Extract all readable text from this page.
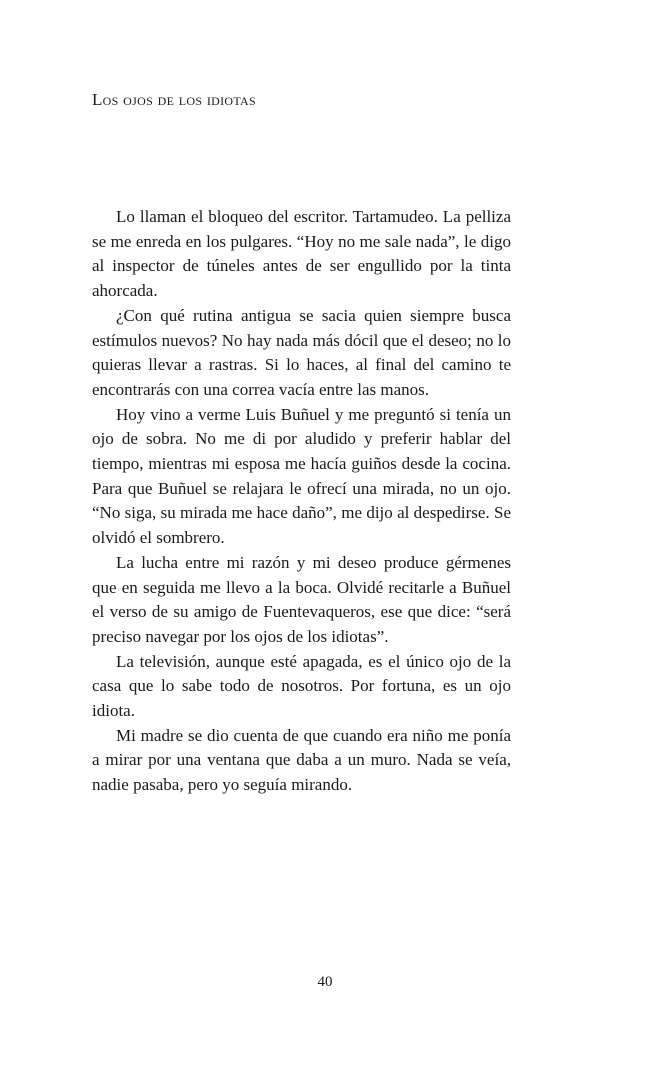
Los ojos de los idiotas

Lo llaman el bloqueo del escritor. Tartamudeo. La pelliza se me enreda en los pulgares. “Hoy no me sale nada”, le digo al inspector de túneles antes de ser engullido por la tinta ahorcada.

¿Con qué rutina antigua se sacia quien siempre busca estímulos nuevos? No hay nada más dócil que el deseo; no lo quieras llevar a rastras. Si lo haces, al final del camino te encontrarás con una correa vacía entre las manos.

Hoy vino a verme Luis Buñuel y me preguntó si tenía un ojo de sobra. No me di por aludido y preferir hablar del tiempo, mientras mi esposa me hacía guiños desde la cocina. Para que Buñuel se relajara le ofrecí una mirada, no un ojo. “No siga, su mirada me hace daño”, me dijo al despedirse. Se olvidó el sombrero.

La lucha entre mi razón y mi deseo produce gérmenes que en seguida me llevo a la boca. Olvidé recitarle a Buñuel el verso de su amigo de Fuentevaqueros, ese que dice: “será preciso navegar por los ojos de los idiotas”.

La televisión, aunque esté apagada, es el único ojo de la casa que lo sabe todo de nosotros. Por fortuna, es un ojo idiota.

Mi madre se dio cuenta de que cuando era niño me ponía a mirar por una ventana que daba a un muro. Nada se veía, nadie pasaba, pero yo seguía mirando.

40
